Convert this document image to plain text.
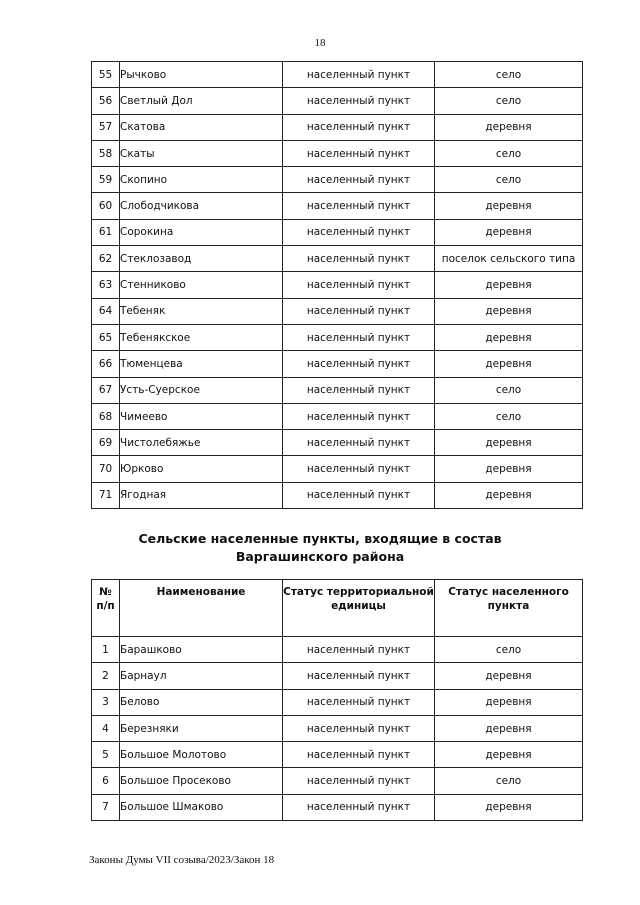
18
55	Рычково	населенный пункт	село
56	Светлый Дол	населенный пункт	село
57	Скатова	населенный пункт	деревня
58	Скаты	населенный пункт	село
59	Скопино	населенный пункт	село
60	Слободчикова	населенный пункт	деревня
61	Сорокина	населенный пункт	деревня
62	Стеклозавод	населенный пункт	поселок сельского типа
63	Стенниково	населенный пункт	деревня
64	Тебеняк	населенный пункт	деревня
65	Тебеняксκое	населенный пункт	деревня
66	Тюменцева	населенный пункт	деревня
67	Усть-Суерское	населенный пункт	село
68	Чимеево	населенный пункт	село
69	Чистолебяжье	населенный пункт	деревня
70	Юрково	населенный пункт	деревня
71	Ягодная	населенный пункт	деревня
Сельские населенные пункты, входящие в состав
Варгашинского района
№ п/п	Наименование	Статус территориальной единицы	Статус населенного пункта
1	Барашково	населенный пункт	село
2	Барнаул	населенный пункт	деревня
3	Белово	населенный пункт	деревня
4	Березняки	населенный пункт	деревня
5	Большое Молотово	населенный пункт	деревня
6	Большое Просеково	населенный пункт	село
7	Большое Шмаково	населенный пункт	деревня
Законы Думы VII созыва/2023/Закон 18
